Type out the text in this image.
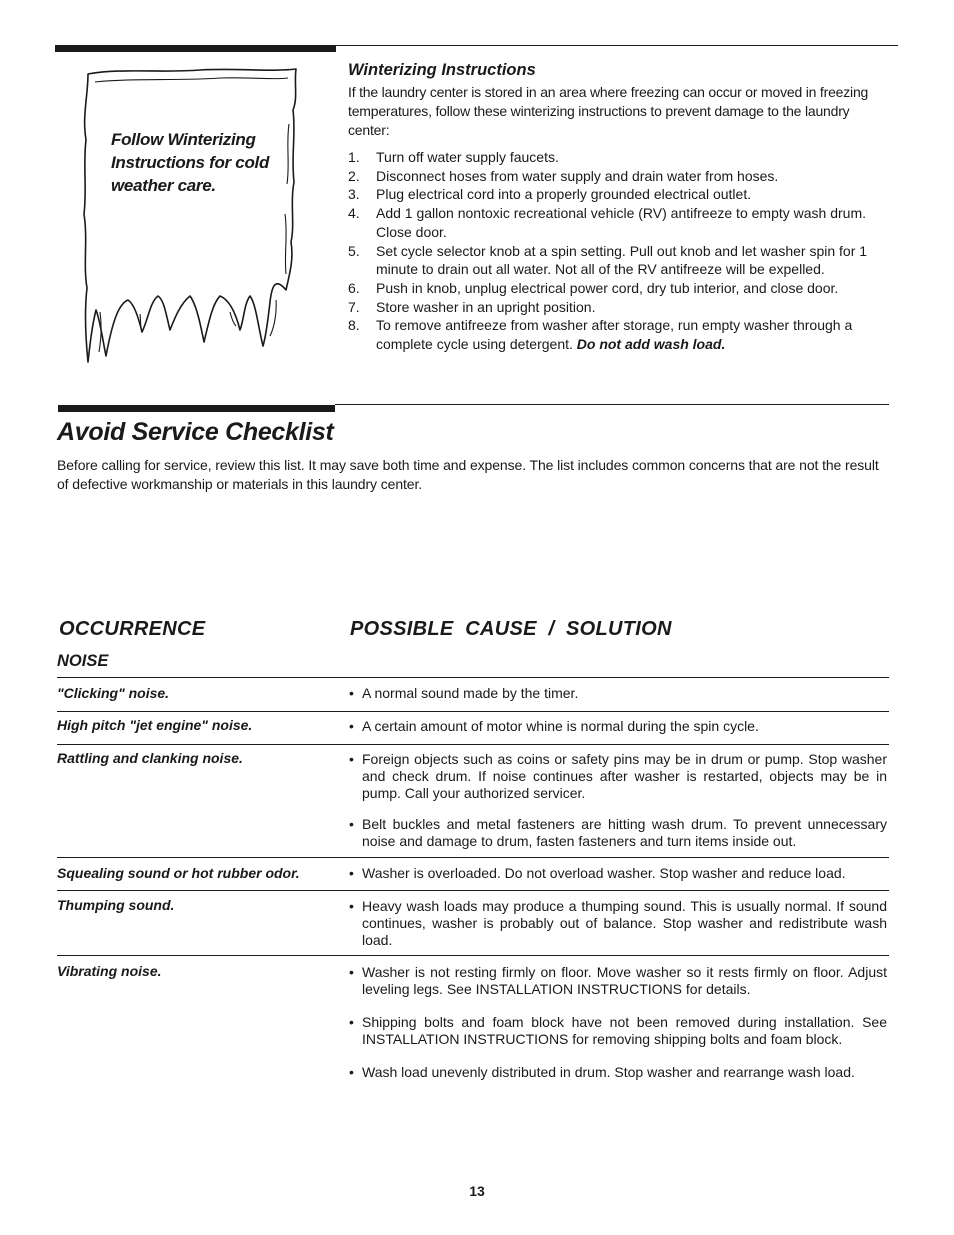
Follow Winterizing Instructions for cold weather care.
Winterizing Instructions
If the laundry center is stored in an area where freezing can occur or moved in freezing temperatures, follow these winterizing instructions to prevent damage to the laundry center:
1. Turn off water supply faucets.
2. Disconnect hoses from water supply and drain water from hoses.
3. Plug electrical cord into a properly grounded electrical outlet.
4. Add 1 gallon nontoxic recreational vehicle (RV) antifreeze to empty wash drum. Close door.
5. Set cycle selector knob at a spin setting. Pull out knob and let washer spin for 1 minute to drain out all water. Not all of the RV antifreeze will be expelled.
6. Push in knob, unplug electrical power cord, dry tub interior, and close door.
7. Store washer in an upright position.
8. To remove antifreeze from washer after storage, run empty washer through a complete cycle using detergent. Do not add wash load.
Avoid Service Checklist
Before calling for service, review this list. It may save both time and expense. The list includes common concerns that are not the result of defective workmanship or materials in this laundry center.
OCCURRENCE	POSSIBLE  CAUSE  /  SOLUTION
NOISE
"Clicking" noise.	• A normal sound made by the timer.
High pitch "jet engine" noise.	• A certain amount of motor whine is normal during the spin cycle.
Rattling and clanking noise.	• Foreign objects such as coins or safety pins may be in drum or pump. Stop washer and check drum. If noise continues after washer is restarted, objects may be in pump. Call your authorized servicer.
• Belt buckles and metal fasteners are hitting wash drum. To prevent unnecessary noise and damage to drum, fasten fasteners and turn items inside out.
Squealing sound or hot rubber odor.	• Washer is overloaded. Do not overload washer. Stop washer and reduce load.
Thumping sound.	• Heavy wash loads may produce a thumping sound. This is usually normal. If sound continues, washer is probably out of balance. Stop washer and redistribute wash load.
Vibrating noise.	• Washer is not resting firmly on floor. Move washer so it rests firmly on floor. Adjust leveling legs. See INSTALLATION INSTRUCTIONS for details.
• Shipping bolts and foam block have not been removed during installation. See INSTALLATION INSTRUCTIONS for removing shipping bolts and foam block.
• Wash load unevenly distributed in drum. Stop washer and rearrange wash load.
13
